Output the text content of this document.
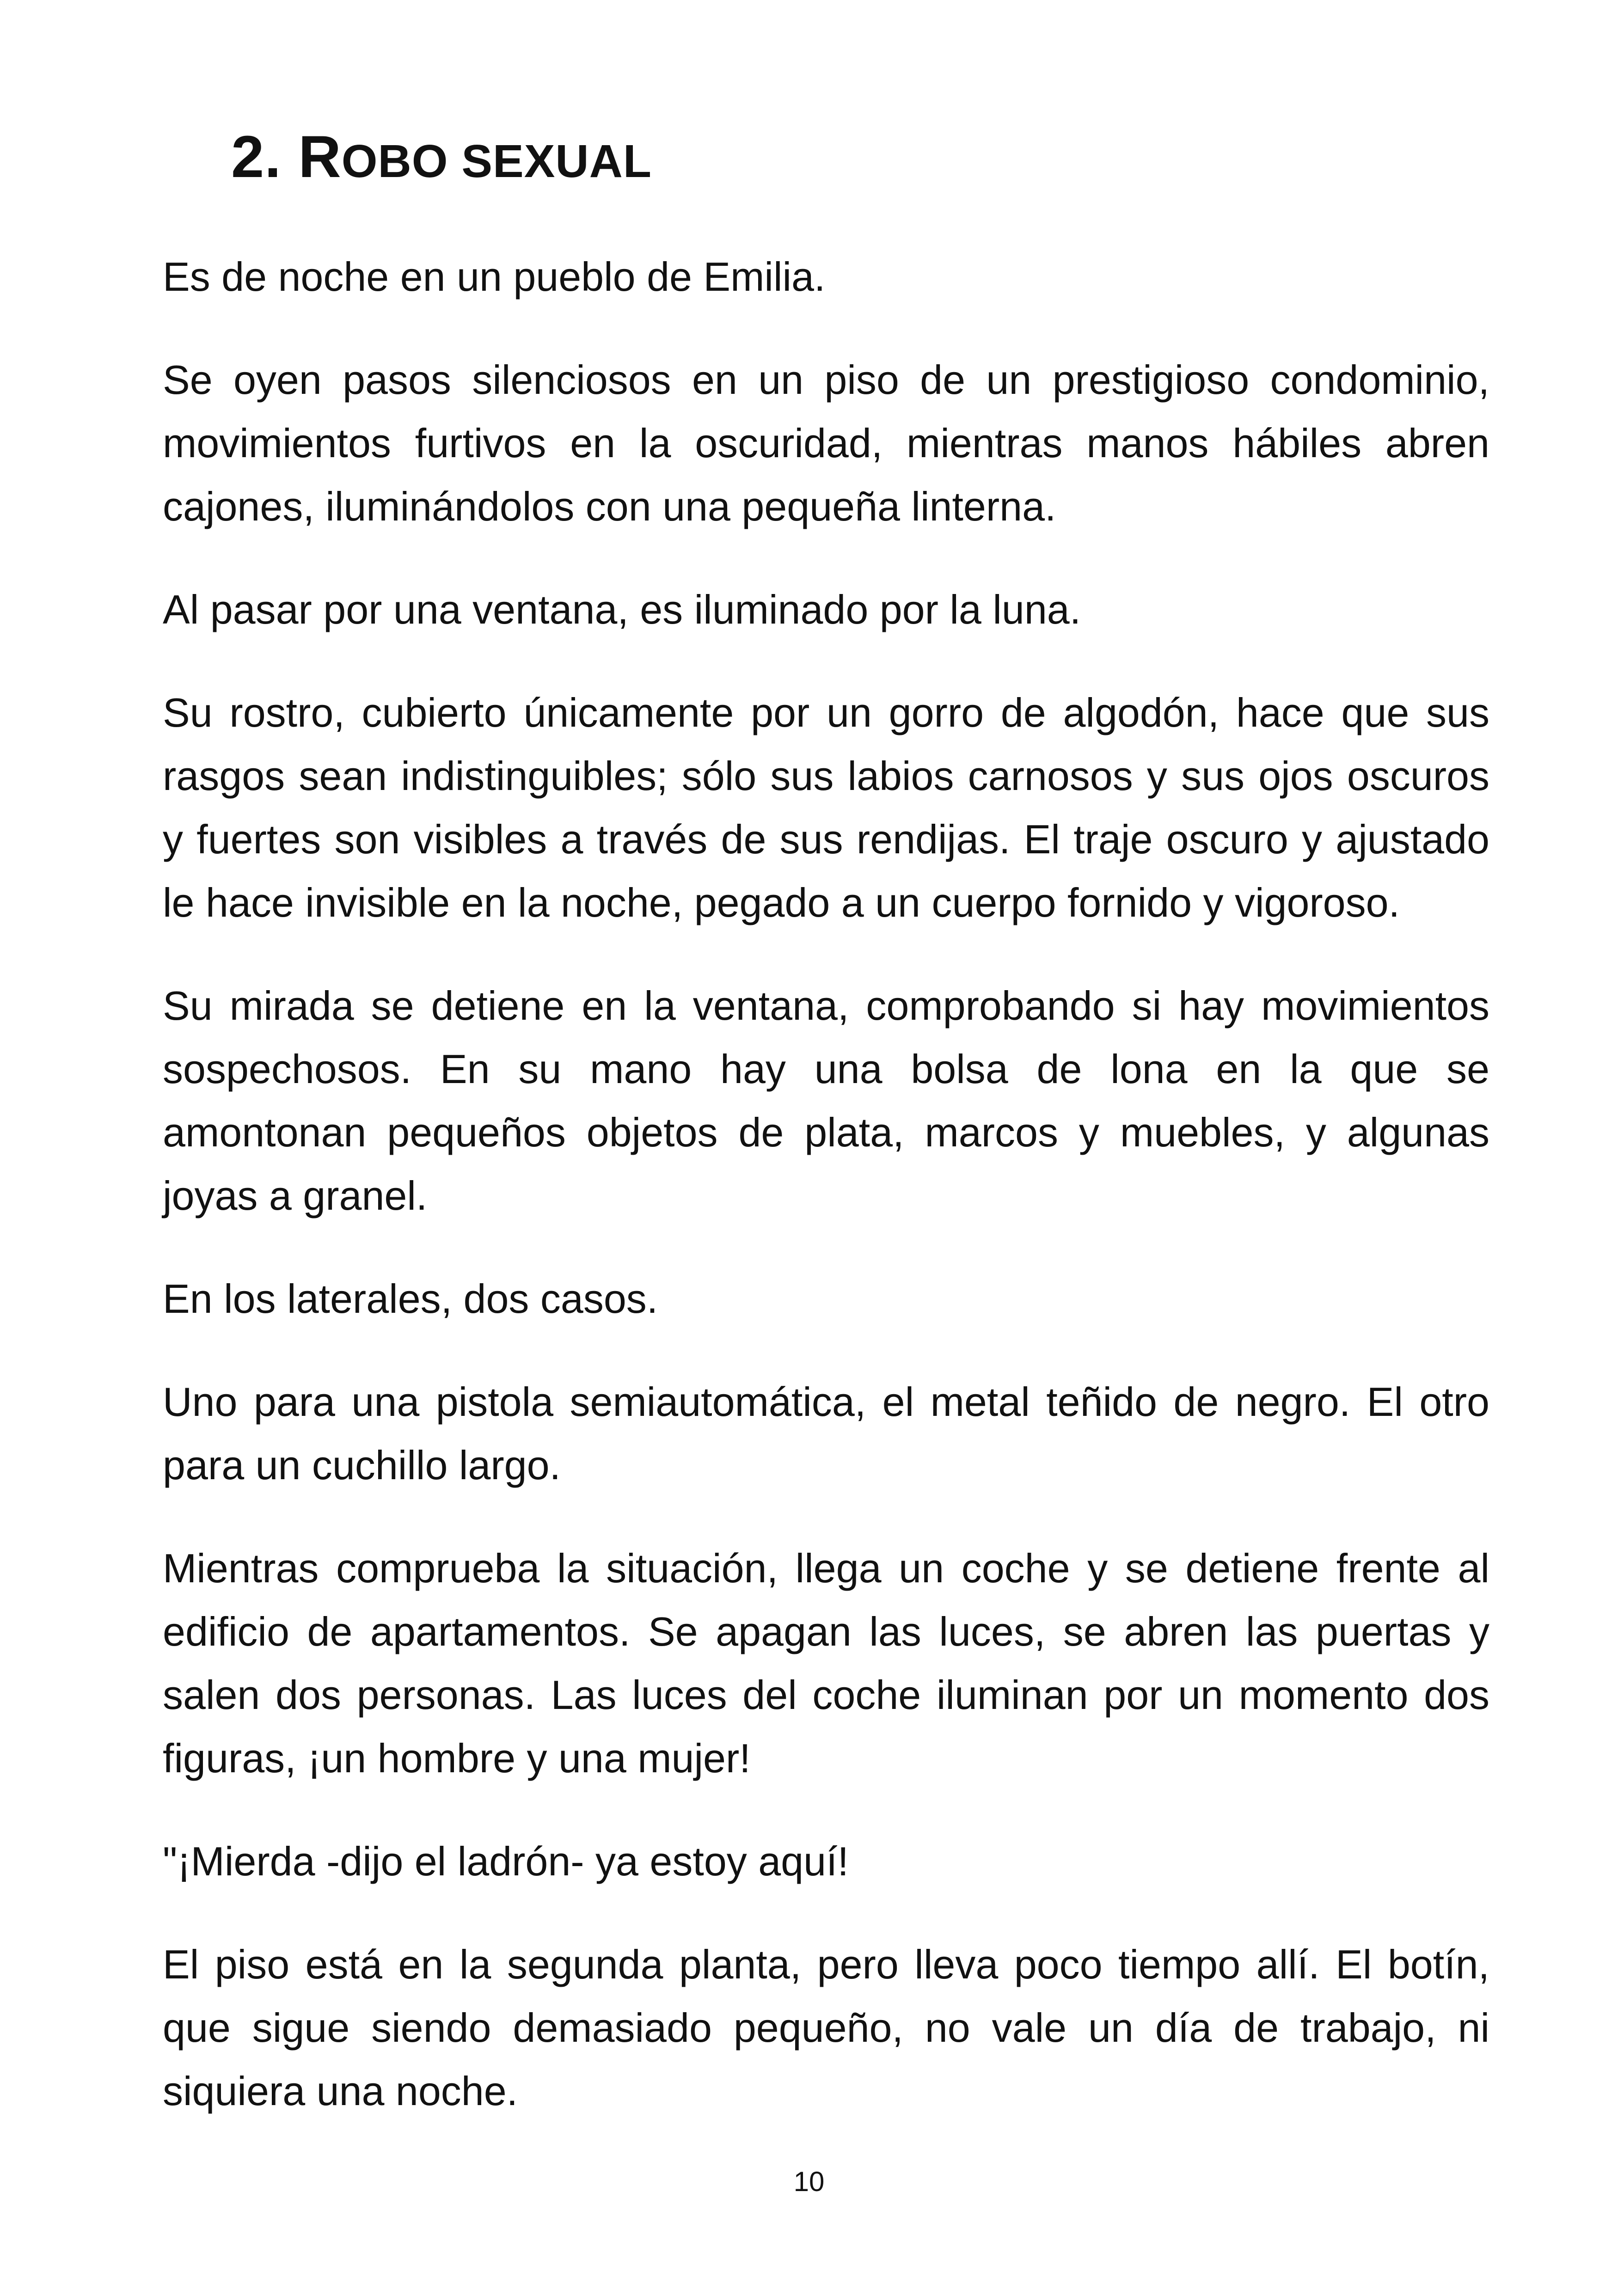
2. ROBO SEXUAL

Es de noche en un pueblo de Emilia.

Se oyen pasos silenciosos en un piso de un prestigioso condominio, movimientos furtivos en la oscuridad, mientras manos hábiles abren cajones, iluminándolos con una pequeña linterna.

Al pasar por una ventana, es iluminado por la luna.

Su rostro, cubierto únicamente por un gorro de algodón, hace que sus rasgos sean indistinguibles; sólo sus labios carnosos y sus ojos oscuros y fuertes son visibles a través de sus rendijas. El traje oscuro y ajustado le hace invisible en la noche, pegado a un cuerpo fornido y vigoroso.

Su mirada se detiene en la ventana, comprobando si hay movimientos sospechosos. En su mano hay una bolsa de lona en la que se amontonan pequeños objetos de plata, marcos y muebles, y algunas joyas a granel.

En los laterales, dos casos.

Uno para una pistola semiautomática, el metal teñido de negro. El otro para un cuchillo largo.

Mientras comprueba la situación, llega un coche y se detiene frente al edificio de apartamentos. Se apagan las luces, se abren las puertas y salen dos personas. Las luces del coche iluminan por un momento dos figuras, ¡un hombre y una mujer!

"¡Mierda -dijo el ladrón- ya estoy aquí!

El piso está en la segunda planta, pero lleva poco tiempo allí. El botín, que sigue siendo demasiado pequeño, no vale un día de trabajo, ni siquiera una noche.

10
